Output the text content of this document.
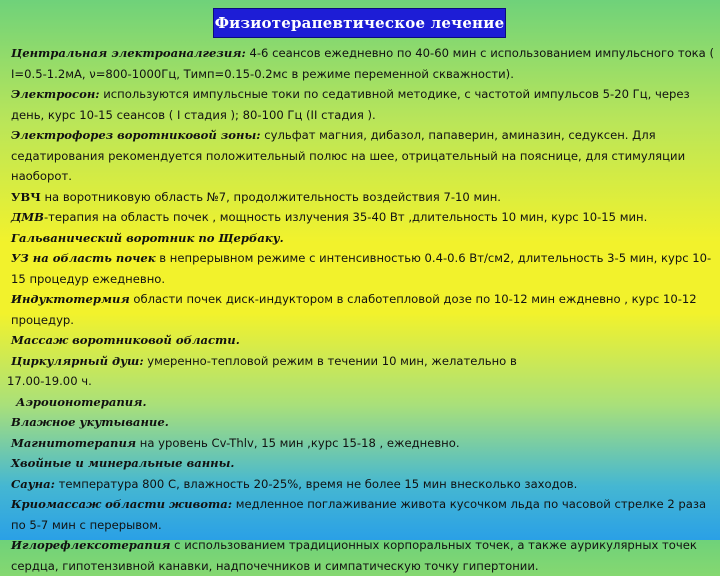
Физиотерапевтическое лечение

Центральная электроаналгезия: 4-6 сеансов ежедневно по 40-60 мин с использованием импульсного тока ( I=0.5-1.2мА, ν=800-1000Гц, Тимп=0.15-0.2мс в режиме переменной скважности).

Электросон: используются импульсные токи по седативной методике, с частотой импульсов 5-20 Гц, через день, курс 10-15 сеансов ( I стадия ); 80-100 Гц (II стадия ).

Электрофорез воротниковой зоны: сульфат магния, дибазол, папаверин, аминазин, седуксен. Для седатирования рекомендуется положительный полюс на шее, отрицательный на пояснице, для стимуляции наоборот.

УВЧ на воротниковую область №7, продолжительность воздействия 7-10 мин.

ДМВ-терапия на область почек , мощность излучения 35-40 Вт ,длительность 10 мин, курс 10-15 мин.

Гальванический воротник по Щербаку.

УЗ на область почек в непрерывном режиме с интенсивностью 0.4-0.6 Вт/см2, длительность 3-5 мин, курс 10-15 процедур ежедневно.

Индуктотермия области почек диск-индуктором в слаботепловой дозе по 10-12 мин еждневно , курс 10-12 процедур.

Массаж воротниковой области.

Циркулярный душ: умеренно-тепловой режим в течении 10 мин, желательно в

17.00-19.00 ч.

Аэроионотерапия.

Влажное укутывание.

Магнитотерапия на уровень Cv-Thlv, 15 мин ,курс 15-18 , ежедневно.

Хвойные и минеральные ванны.

Сауна: температура 800 С, влажность 20-25%, время не более 15 мин внесколько заходов.

Криомассаж области живота: медленное поглаживание живота кусочком льда по часовой стрелке 2 раза по 5-7 мин с перерывом.

Иглорефлексотерапия с использованием традиционных корпоральных точек, а также аурикулярных точек сердца, гипотензивной канавки, надпочечников и симпатическую точку гипертонии.
